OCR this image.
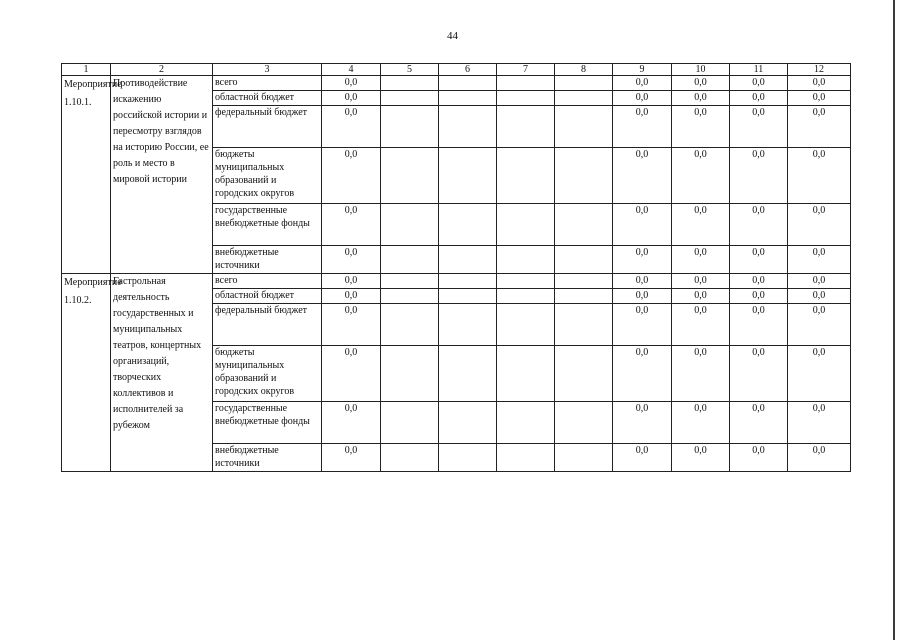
44
1	2	3	4	5	6	7	8	9	10	11	12
Мероприятие 1.10.1.	Противодействие искажению российской истории и пересмотру взглядов на историю России, ее роль и место в мировой истории	всего	0,0					0,0	0,0	0,0	0,0
		областной бюджет	0,0					0,0	0,0	0,0	0,0
		федеральный бюджет	0,0					0,0	0,0	0,0	0,0
		бюджеты муниципальных образований и городских округов	0,0					0,0	0,0	0,0	0,0
		государственные внебюджетные фонды	0,0					0,0	0,0	0,0	0,0
		внебюджетные источники	0,0					0,0	0,0	0,0	0,0
Мероприятие 1.10.2.	Гастрольная деятельность государственных и муниципальных театров, концертных организаций, творческих коллективов и исполнителей за рубежом	всего	0,0					0,0	0,0	0,0	0,0
		областной бюджет	0,0					0,0	0,0	0,0	0,0
		федеральный бюджет	0,0					0,0	0,0	0,0	0,0
		бюджеты муниципальных образований и городских округов	0,0					0,0	0,0	0,0	0,0
		государственные внебюджетные фонды	0,0					0,0	0,0	0,0	0,0
		внебюджетные источники	0,0					0,0	0,0	0,0	0,0
